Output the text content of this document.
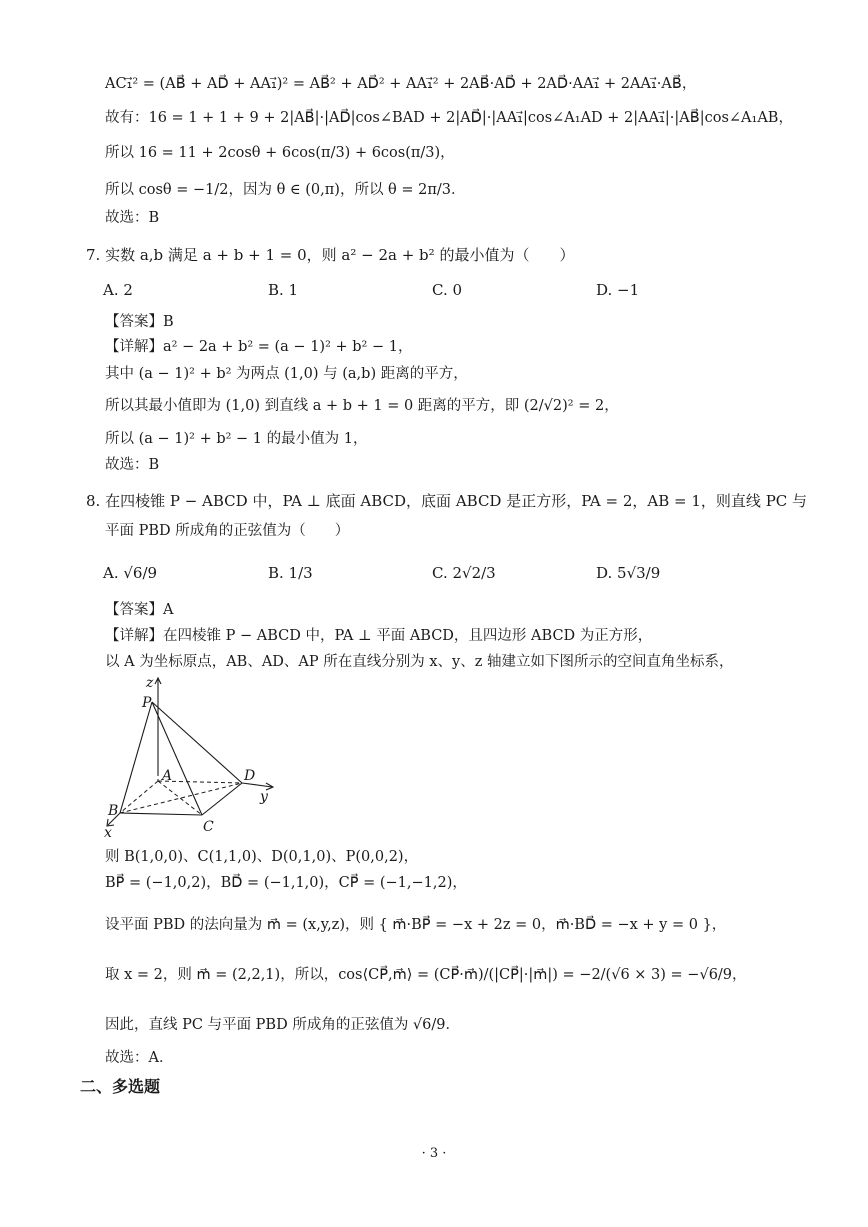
AC₁⃗² = (AB⃗ + AD⃗ + AA₁⃗)² = AB⃗² + AD⃗² + AA₁⃗² + 2AB⃗·AD⃗ + 2AD⃗·AA₁⃗ + 2AA₁⃗·AB⃗，
故有：16 = 1 + 1 + 9 + 2|AB⃗|·|AD⃗|cos∠BAD + 2|AD⃗|·|AA₁⃗|cos∠A₁AD + 2|AA₁⃗|·|AB⃗|cos∠A₁AB，
所以 16 = 11 + 2cosθ + 6cos(π/3) + 6cos(π/3)，
所以 cosθ = −1/2，因为 θ ∈ (0,π)，所以 θ = 2π/3．
故选：B
7. 实数 a,b 满足 a + b + 1 = 0，则 a² − 2a + b² 的最小值为（　　）
A. 2	B. 1	C. 0	D. −1
【答案】B
【详解】a² − 2a + b² = (a − 1)² + b² − 1，
其中 (a − 1)² + b² 为两点 (1,0) 与 (a,b) 距离的平方，
所以其最小值即为 (1,0) 到直线 a + b + 1 = 0 距离的平方，即 (2/√2)² = 2，
所以 (a − 1)² + b² − 1 的最小值为 1，
故选：B
8. 在四棱锥 P − ABCD 中，PA ⊥ 底面 ABCD，底面 ABCD 是正方形，PA = 2，AB = 1，则直线 PC 与
平面 PBD 所成角的正弦值为（　　）
A. √6/9	B. 1/3	C. 2√2/3	D. 5√3/9
【答案】A
【详解】在四棱锥 P − ABCD 中，PA ⊥ 平面 ABCD，且四边形 ABCD 为正方形，
以 A 为坐标原点，AB、AD、AP 所在直线分别为 x、y、z 轴建立如下图所示的空间直角坐标系，
z
P
A	D
y
B
C
x
则 B(1,0,0)、C(1,1,0)、D(0,1,0)、P(0,0,2)，
BP⃗ = (−1,0,2)，BD⃗ = (−1,1,0)，CP⃗ = (−1,−1,2)，
设平面 PBD 的法向量为 m⃗ = (x,y,z)，则 { m⃗·BP⃗ = −x + 2z = 0，m⃗·BD⃗ = −x + y = 0 }，
取 x = 2，则 m⃗ = (2,2,1)，所以，cos⟨CP⃗,m⃗⟩ = (CP⃗·m⃗)/(|CP⃗|·|m⃗|) = −2/(√6 × 3) = −√6/9，
因此，直线 PC 与平面 PBD 所成角的正弦值为 √6/9．
故选：A．
二、多选题
· 3 ·
